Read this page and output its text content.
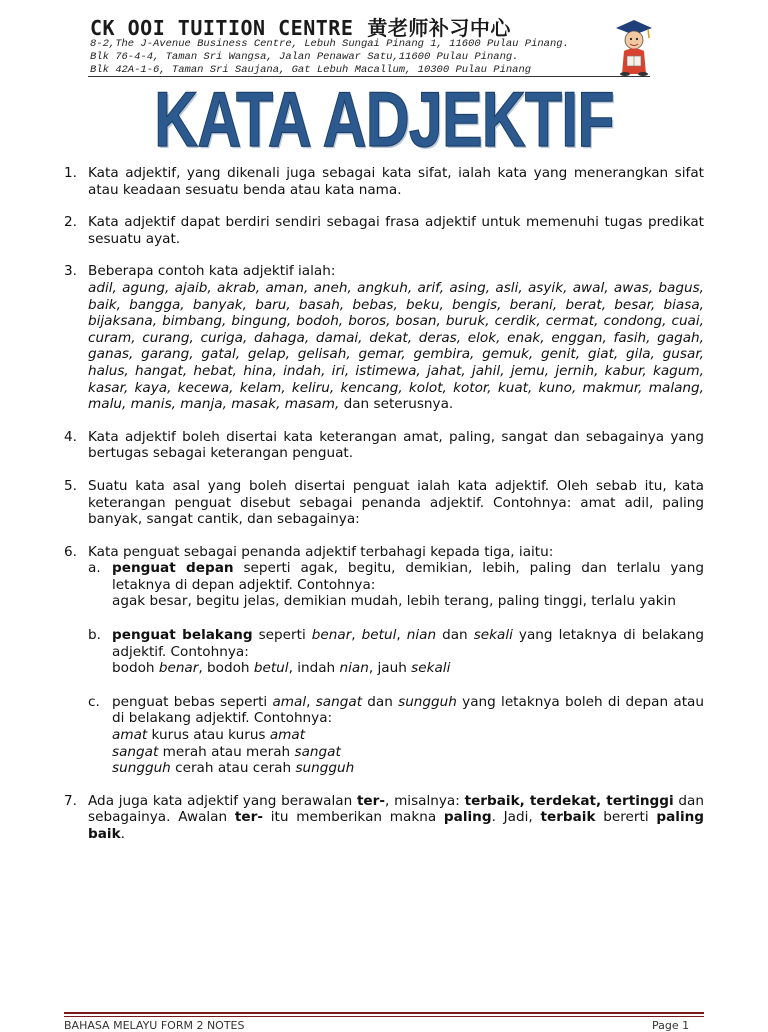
CK OOI TUITION CENTRE 黄老师补习中心
8-2,The J-Avenue Business Centre, Lebuh Sungai Pinang 1, 11600 Pulau Pinang.
Blk 76-4-4, Taman Sri Wangsa, Jalan Penawar Satu,11600 Pulau Pinang.
Blk 42A-1-6, Taman Sri Saujana, Gat Lebuh Macallum, 10300 Pulau Pinang
KATA ADJEKTIF
1. Kata adjektif, yang dikenali juga sebagai kata sifat, ialah kata yang menerangkan sifat atau keadaan sesuatu benda atau kata nama.
2. Kata adjektif dapat berdiri sendiri sebagai frasa adjektif untuk memenuhi tugas predikat sesuatu ayat.
3. Beberapa contoh kata adjektif ialah:
adil, agung, ajaib, akrab, aman, aneh, angkuh, arif, asing, asli, asyik, awal, awas, bagus, baik, bangga, banyak, baru, basah, bebas, beku, bengis, berani, berat, besar, biasa, bijaksana, bimbang, bingung, bodoh, boros, bosan, buruk, cerdik, cermat, condong, cuai, curam, curang, curiga, dahaga, damai, dekat, deras, elok, enak, enggan, fasih, gagah, ganas, garang, gatal, gelap, gelisah, gemar, gembira, gemuk, genit, giat, gila, gusar, halus, hangat, hebat, hina, indah, iri, istimewa, jahat, jahil, jemu, jernih, kabur, kagum, kasar, kaya, kecewa, kelam, keliru, kencang, kolot, kotor, kuat, kuno, makmur, malang, malu, manis, manja, masak, masam, dan seterusnya.
4. Kata adjektif boleh disertai kata keterangan amat, paling, sangat dan sebagainya yang bertugas sebagai keterangan penguat.
5. Suatu kata asal yang boleh disertai penguat ialah kata adjektif. Oleh sebab itu, kata keterangan penguat disebut sebagai penanda adjektif. Contohnya: amat adil, paling banyak, sangat cantik, dan sebagainya:
6. Kata penguat sebagai penanda adjektif terbahagi kepada tiga, iaitu:
a. penguat depan seperti agak, begitu, demikian, lebih, paling dan terlalu yang letaknya di depan adjektif. Contohnya:
agak besar, begitu jelas, demikian mudah, lebih terang, paling tinggi, terlalu yakin
b. penguat belakang seperti benar, betul, nian dan sekali yang letaknya di belakang adjektif. Contohnya:
bodoh benar, bodoh betul, indah nian, jauh sekali
c. penguat bebas seperti amal, sangat dan sungguh yang letaknya boleh di depan atau di belakang adjektif. Contohnya:
amat kurus atau kurus amat
sangat merah atau merah sangat
sungguh cerah atau cerah sungguh
7. Ada juga kata adjektif yang berawalan ter-, misalnya: terbaik, terdekat, tertinggi dan sebagainya. Awalan ter- itu memberikan makna paling. Jadi, terbaik bererti paling baik.
BAHASA MELAYU FORM 2 NOTES	Page 1
